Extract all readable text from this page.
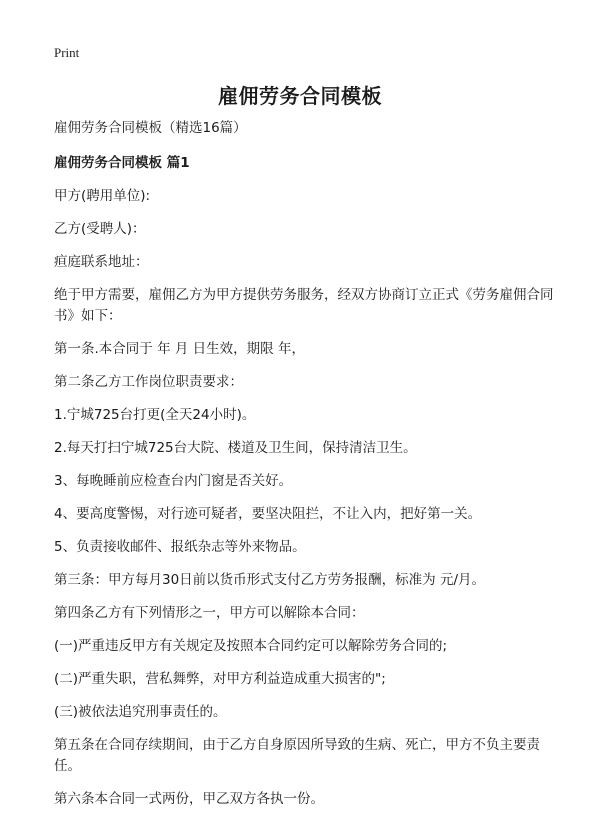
Print
雇佣劳务合同模板

雇佣劳务合同模板（精选16篇）

雇佣劳务合同模板 篇1

甲方(聘用单位):

乙方(受聘人)：

疸庭联系地址：

绝于甲方需要，雇佣乙方为甲方提供劳务服务，经双方协商订立正式《劳务雇佣合同书》如下：

第一条.本合同于 年 月 日生效，期限 年，

第二条乙方工作岗位职责要求：

1.宁城725台打更(全天24小时)。

2.每天打扫宁城725台大院、楼道及卫生间，保持清洁卫生。

3、每晚睡前应检查台内门窗是否关好。

4、要高度警惕，对行迹可疑者，要坚决阻拦，不让入内，把好第一关。

5、负责接收邮件、报纸杂志等外来物品。

第三条：甲方每月30日前以货币形式支付乙方劳务报酬，标准为 元/月。

第四条乙方有下列情形之一，甲方可以解除本合同：

(一)严重违反甲方有关规定及按照本合同约定可以解除劳务合同的;

(二)严重失职，营私舞弊，对甲方利益造成重大损害的";

(三)被依法追究刑事责任的。

第五条在合同存续期间，由于乙方自身原因所导致的生病、死亡，甲方不负主要责任。

第六条本合同一式两份，甲乙双方各执一份。
